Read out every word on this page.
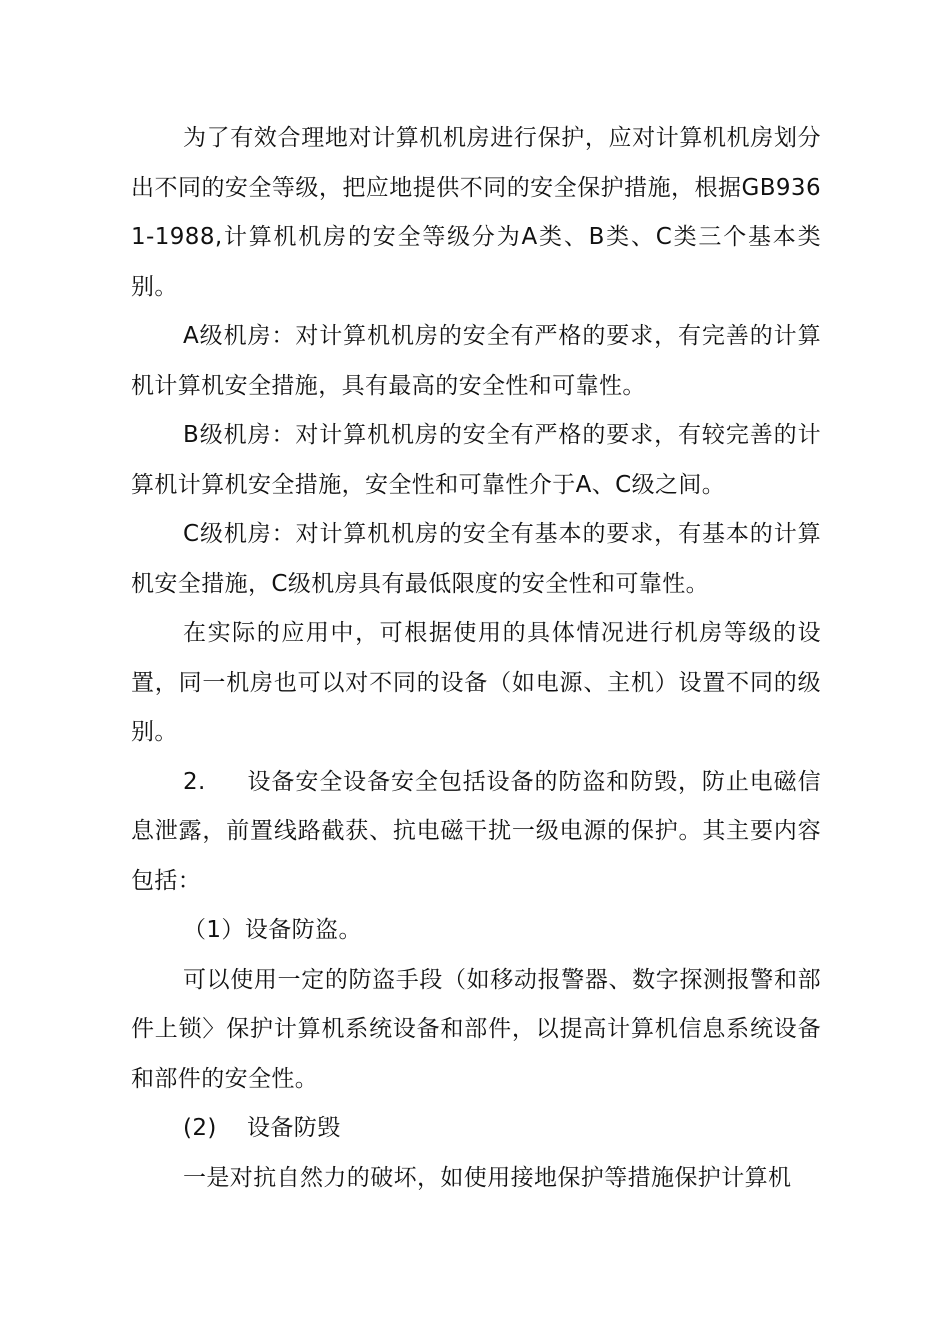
为了有效合理地对计算机机房进行保护，应对计算机机房划分出不同的安全等级，把应地提供不同的安全保护措施，根据GB9361-1988,计算机机房的安全等级分为A类、B类、C类三个基本类别。

A级机房：对计算机机房的安全有严格的要求，有完善的计算机计算机安全措施，具有最高的安全性和可靠性。

B级机房：对计算机机房的安全有严格的要求，有较完善的计算机计算机安全措施，安全性和可靠性介于A、C级之间。

C级机房：对计算机机房的安全有基本的要求，有基本的计算机安全措施，C级机房具有最低限度的安全性和可靠性。

在实际的应用中，可根据使用的具体情况进行机房等级的设置，同一机房也可以对不同的设备（如电源、主机）设置不同的级别。

2. 设备安全设备安全包括设备的防盗和防毁，防止电磁信息泄露，前置线路截获、抗电磁干扰一级电源的保护。其主要内容包括：

（1）设备防盗。

可以使用一定的防盗手段（如移动报警器、数字探测报警和部件上锁〉保护计算机系统设备和部件，以提高计算机信息系统设备和部件的安全性。

(2) 设备防毁

一是对抗自然力的破坏，如使用接地保护等措施保护计算机
